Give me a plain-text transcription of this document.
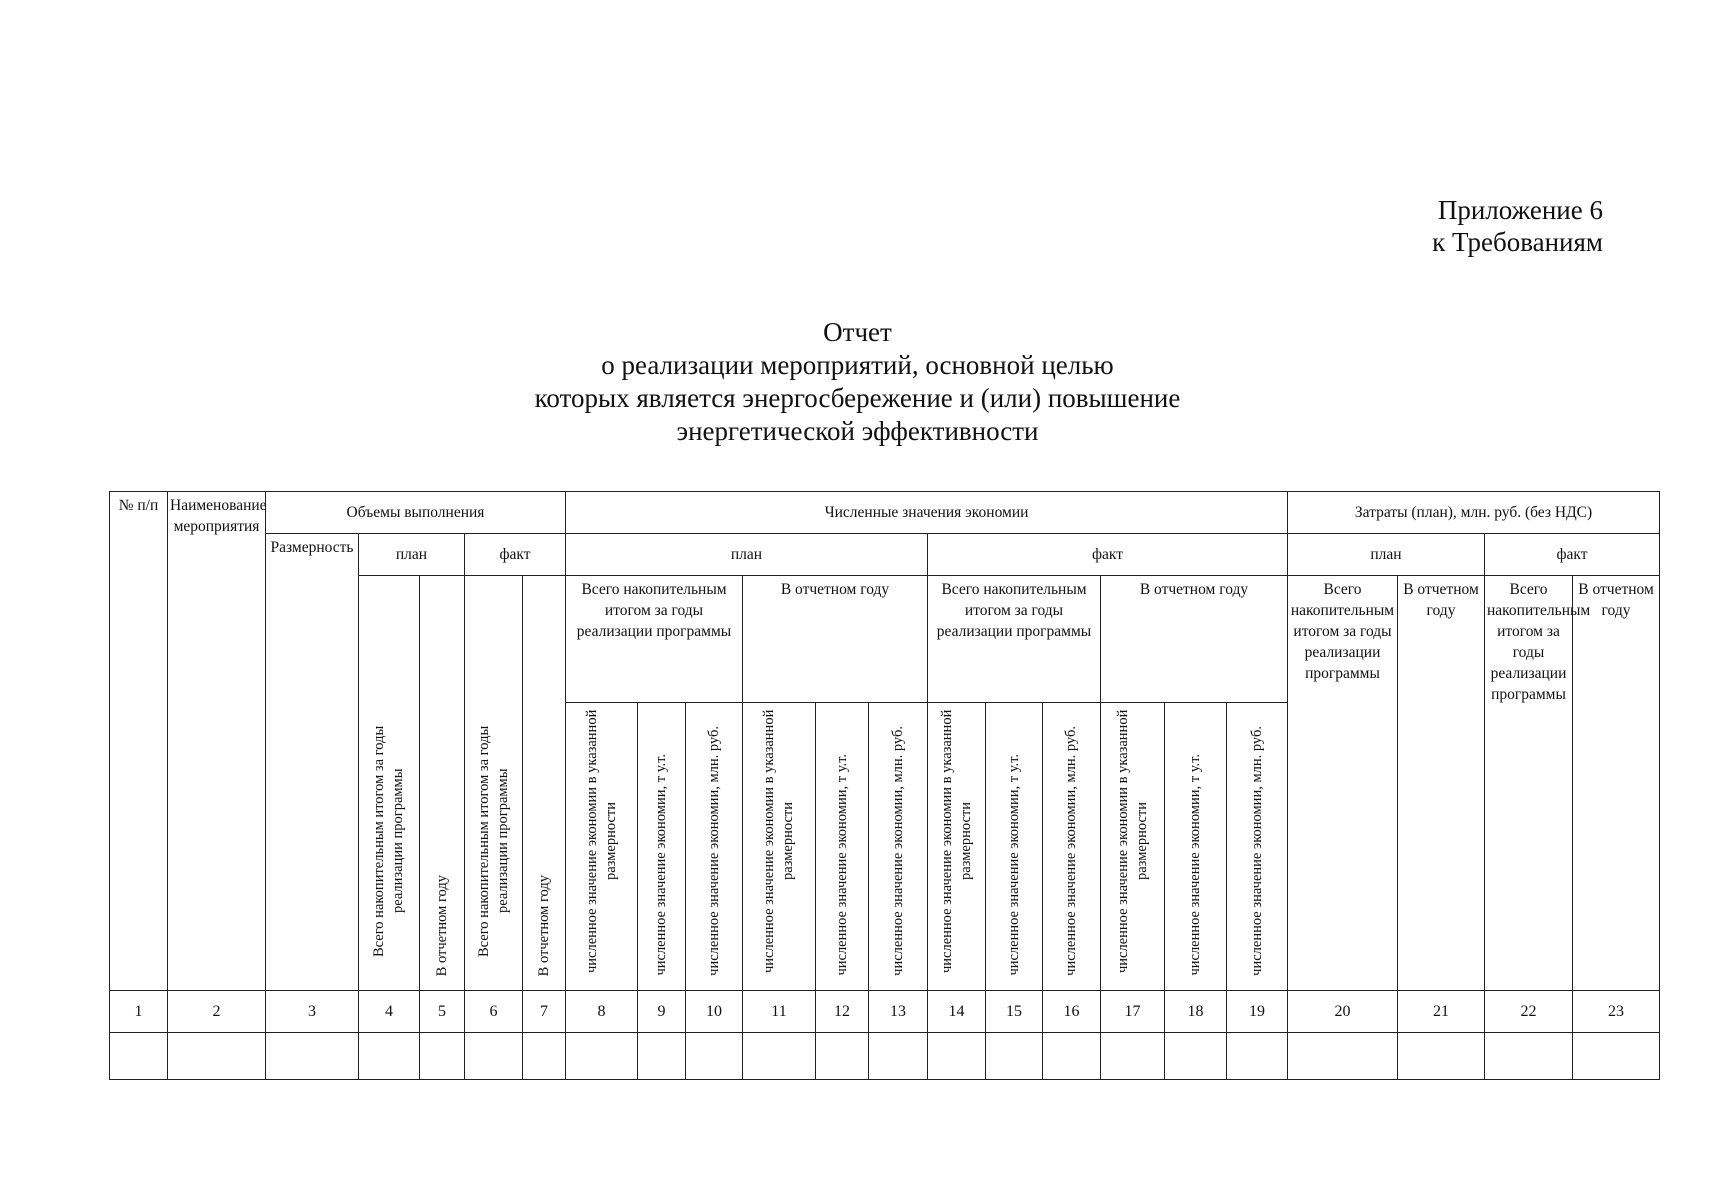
Приложение 6
к Требованиям
Отчет
о реализации мероприятий, основной целью
которых является энергосбережение и (или) повышение
энергетической эффективности
№ п/п	Наименование мероприятия	Объемы выполнения					Численные значения экономии												Затраты (план), млн. руб. (без НДС)			
		Размерность	план		факт		план						факт						план		факт	
			Всего накопительным итогом за годы реализации программы	В отчетном году	Всего накопительным итогом за годы реализации программы	В отчетном году	Всего накопительным итогом за годы реализации программы			В отчетном году			Всего накопительным итогом за годы реализации программы			В отчетном году			Всего накопительным итогом за годы реализации программы	В отчетном году	Всего накопительным итогом за годы реализации программы	В отчетном году
							численное значение экономии в указанной размерности	численное значение экономии, т у.т.	численное значение экономии, млн. руб.	численное значение экономии в указанной размерности	численное значение экономии, т у.т.	численное значение экономии, млн. руб.	численное значение экономии в указанной размерности	численное значение экономии, т у.т.	численное значение экономии, млн. руб.	численное значение экономии в указанной размерности	численное значение экономии, т у.т.	численное значение экономии, млн. руб.				
1	2	3	4	5	6	7	8	9	10	11	12	13	14	15	16	17	18	19	20	21	22	23
